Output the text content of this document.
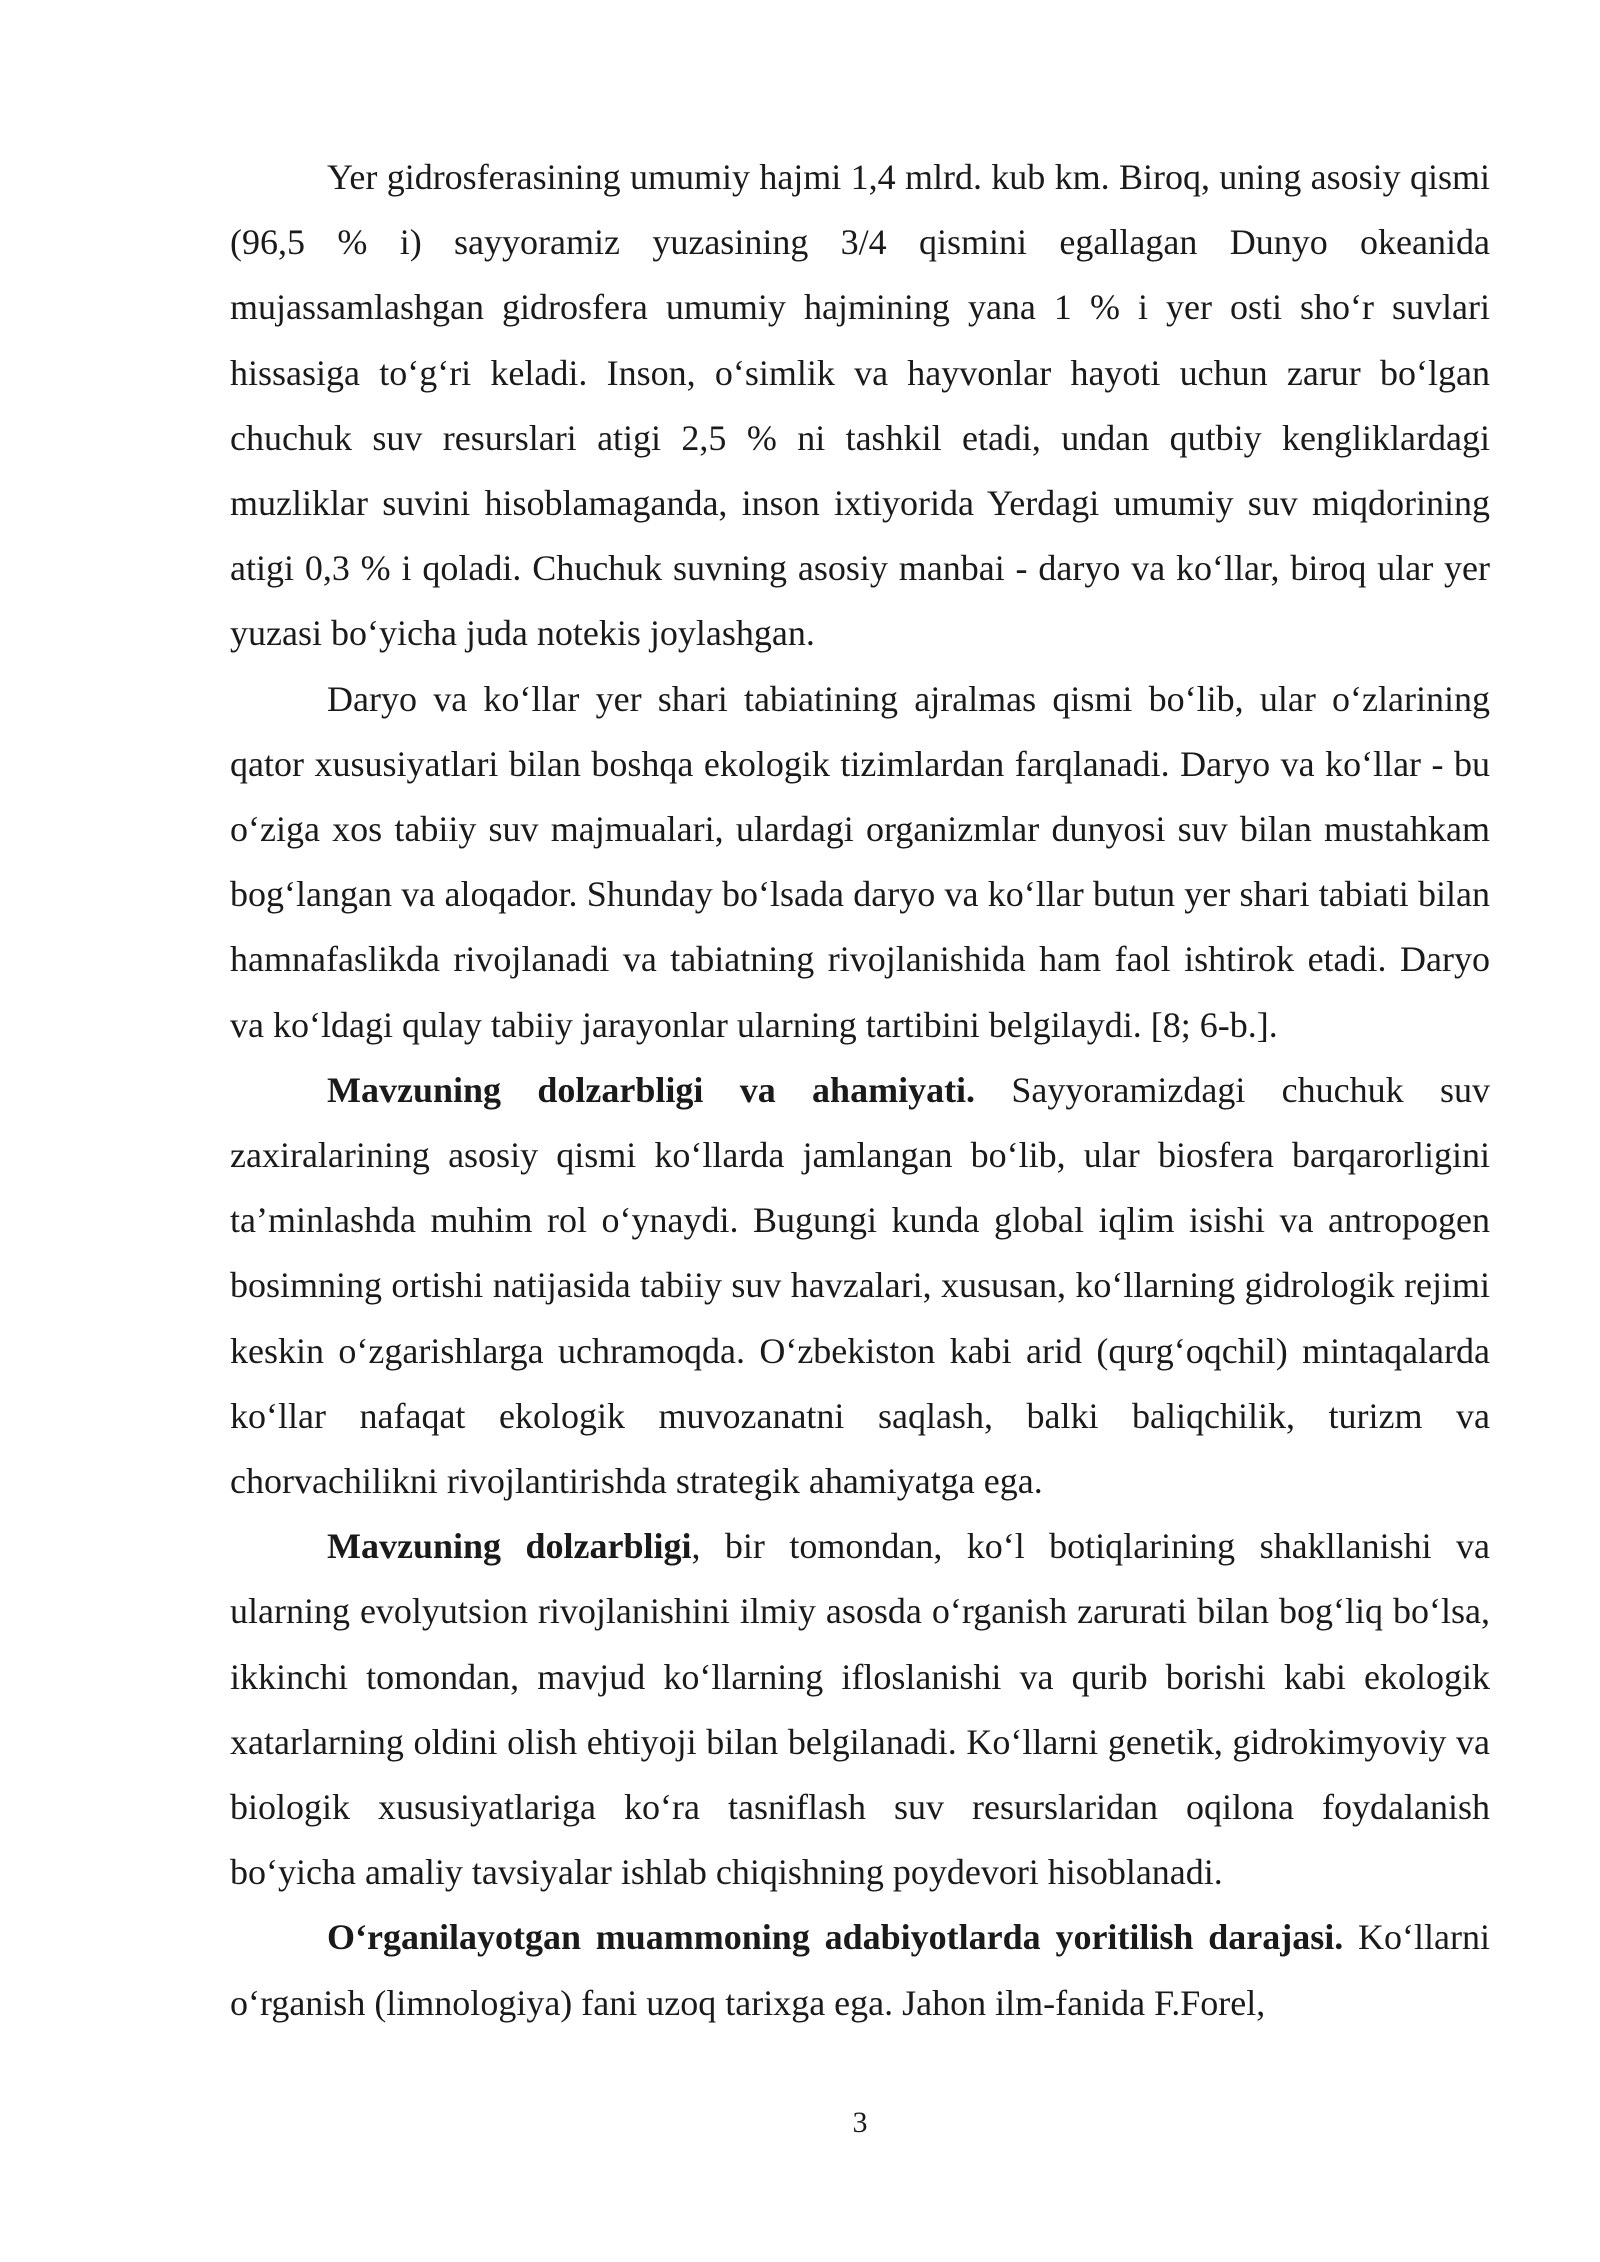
Yer gidrosferasining umumiy hajmi 1,4 mlrd. kub km. Biroq, uning asosiy qismi (96,5 % i) sayyoramiz yuzasining 3/4 qismini egallagan Dunyo okeanida mujassamlashgan gidrosfera umumiy hajmining yana 1 % i yer osti sho‘r suvlari hissasiga to‘g‘ri keladi. Inson, o‘simlik va hayvonlar hayoti uchun zarur bo‘lgan chuchuk suv resurslari atigi 2,5 % ni tashkil etadi, undan qutbiy kengliklardagi muzliklar suvini hisoblamaganda, inson ixtiyorida Yerdagi umumiy suv miqdorining atigi 0,3 % i qoladi. Chuchuk suvning asosiy manbai - daryo va ko‘llar, biroq ular yer yuzasi bo‘yicha juda notekis joylashgan.

Daryo va ko‘llar yer shari tabiatining ajralmas qismi bo‘lib, ular o‘zlarining qator xususiyatlari bilan boshqa ekologik tizimlardan farqlanadi. Daryo va ko‘llar - bu o‘ziga xos tabiiy suv majmualari, ulardagi organizmlar dunyosi suv bilan mustahkam bog‘langan va aloqador. Shunday bo‘lsada daryo va ko‘llar butun yer shari tabiati bilan hamnafaslikda rivojlanadi va tabiatning rivojlanishida ham faol ishtirok etadi. Daryo va ko‘ldagi qulay tabiiy jarayonlar ularning tartibini belgilaydi. [8; 6-b.].

Mavzuning dolzarbligi va ahamiyati. Sayyoramizdagi chuchuk suv zaxiralarining asosiy qismi ko‘llarda jamlangan bo‘lib, ular biosfera barqarorligini ta’minlashda muhim rol o‘ynaydi. Bugungi kunda global iqlim isishi va antropogen bosimning ortishi natijasida tabiiy suv havzalari, xususan, ko‘llarning gidrologik rejimi keskin o‘zgarishlarga uchramoqda. O‘zbekiston kabi arid (qurg‘oqchil) mintaqalarda ko‘llar nafaqat ekologik muvozanatni saqlash, balki baliqchilik, turizm va chorvachilikni rivojlantirishda strategik ahamiyatga ega.

Mavzuning dolzarbligi, bir tomondan, ko‘l botiqlarining shakllanishi va ularning evolyutsion rivojlanishini ilmiy asosda o‘rganish zarurati bilan bog‘liq bo‘lsa, ikkinchi tomondan, mavjud ko‘llarning ifloslanishi va qurib borishi kabi ekologik xatarlarning oldini olish ehtiyoji bilan belgilanadi. Ko‘llarni genetik, gidrokimyoviy va biologik xususiyatlariga ko‘ra tasniflash suv resurslaridan oqilona foydalanish bo‘yicha amaliy tavsiyalar ishlab chiqishning poydevori hisoblanadi.

O‘rganilayotgan muammoning adabiyotlarda yoritilish darajasi. Ko‘llarni o‘rganish (limnologiya) fani uzoq tarixga ega. Jahon ilm-fanida F.Forel,

3
